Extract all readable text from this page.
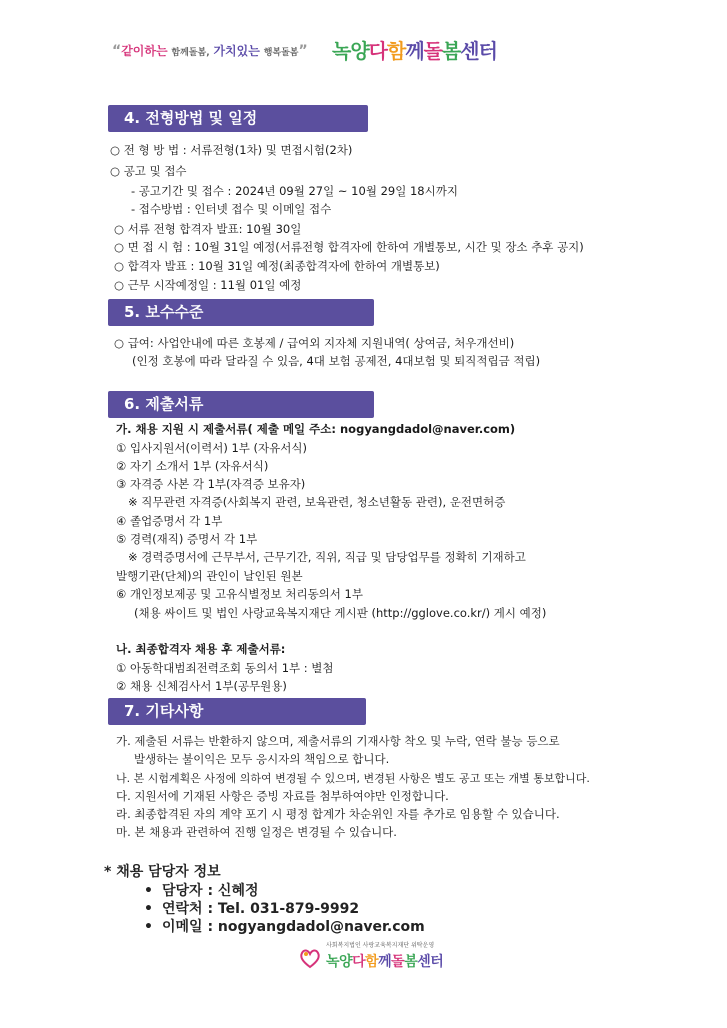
“같이하는 함께돌봄, 가치있는 행복돌봄” 녹양다함께돌봄센터
4. 전형방법 및 일정
○ 전 형 방 법 : 서류전형(1차) 및 면접시험(2차)
○ 공고 및 접수
- 공고기간 및 접수 : 2024년 09월 27일 ~ 10월 29일 18시까지
- 접수방법 : 인터넷 접수 및 이메일 접수
○ 서류 전형 합격자 발표: 10월 30일
○ 면 접 시 험 : 10월 31일 예정(서류전형 합격자에 한하여 개별통보, 시간 및 장소 추후 공지)
○ 합격자 발표 : 10월 31일 예정(최종합격자에 한하여 개별통보)
○ 근무 시작예정일 : 11월 01일 예정
5. 보수수준
○ 급여: 사업안내에 따른 호봉제 / 급여외 지자체 지원내역( 상여금, 처우개선비)
(인정 호봉에 따라 달라질 수 있음, 4대 보험 공제전, 4대보험 및 퇴직적립금 적립)
6. 제출서류
가. 채용 지원 시 제출서류( 제출 메일 주소: nogyangdadol@naver.com)
① 입사지원서(이력서) 1부 (자유서식)
② 자기 소개서 1부 (자유서식)
③ 자격증 사본 각 1부(자격증 보유자)
※ 직무관련 자격증(사회복지 관련, 보육관련, 청소년활동 관련), 운전면허증
④ 졸업증명서 각 1부
⑤ 경력(재직) 증명서 각 1부
※ 경력증명서에 근무부서, 근무기간, 직위, 직급 및 담당업무를 정확히 기재하고
발행기관(단체)의 관인이 날인된 원본
⑥ 개인정보제공 및 고유식별정보 처리동의서 1부
(채용 싸이트 및 법인 사랑교육복지재단 게시판 (http://gglove.co.kr/) 게시 예정)
나. 최종합격자 채용 후 제출서류:
① 아동학대범죄전력조회 동의서 1부 : 별첨
② 채용 신체검사서 1부(공무원용)
7. 기타사항
가. 제출된 서류는 반환하지 않으며, 제출서류의 기재사항 착오 및 누락, 연락 불능 등으로
발생하는 불이익은 모두 응시자의 책임으로 합니다.
나. 본 시험계획은 사정에 의하여 변경될 수 있으며, 변경된 사항은 별도 공고 또는 개별 통보합니다.
다. 지원서에 기재된 사항은 증빙 자료를 첨부하여야만 인정합니다.
라. 최종합격된 자의 계약 포기 시 평정 합계가 차순위인 자를 추가로 임용할 수 있습니다.
마. 본 채용과 관련하여 진행 일정은 변경될 수 있습니다.
* 채용 담당자 정보
• 담당자 : 신혜정
• 연락처 : Tel. 031-879-9992
• 이메일 : nogyangdadol@naver.com
사회복지법인 사랑교육복지재단 위탁운영
녹양다함께돌봄센터
